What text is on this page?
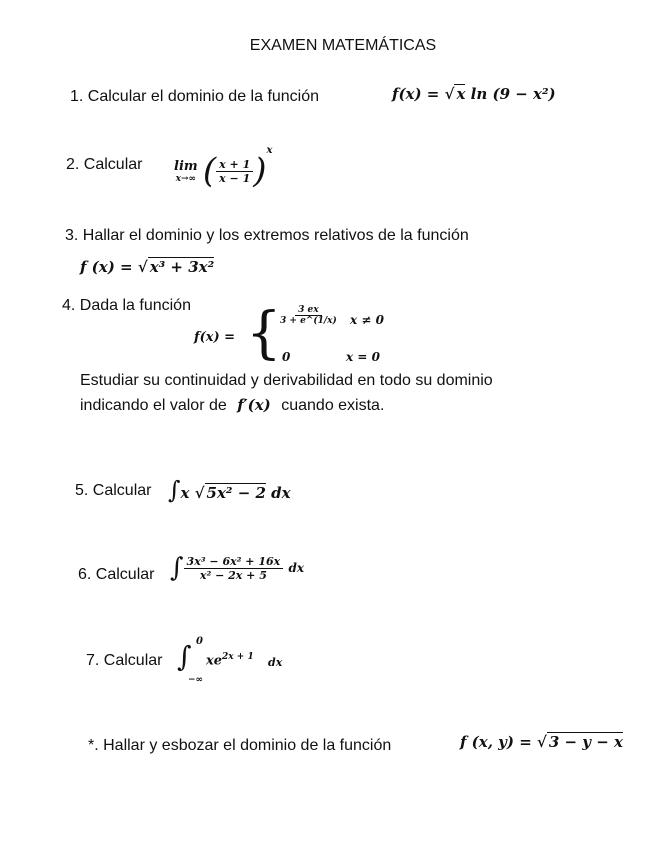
EXAMEN MATEMÁTICAS
1. Calcular el dominio de la función	f(x) = √ x ln (9 − x²)
2. Calcular lim
x→∞ ( $\frac{x + 1}{x - 1} )^x$
3. Hallar el dominio y los extremos relativos de la función
f (x) = √ x³ + 3x²
4. Dada la función
f(x) = {
$\frac{3 ex}{3 + e\^{}(1/x)}$ x ≠ 0
0	x = 0
Estudiar su continuidad y derivabilidad en todo su dominio
indicando el valor de f′(x) cuando exista.
5. Calcular ∫x √ 5x² − 2 dx
6. Calcular ∫ $\frac{\text{3x³ − 6x² + 16x}}{\text{x² − 2x + 5}}$ dx
7. Calcular ∫ 0
−∞
$xe^{2x + 1}$ dx
*. Hallar y esbozar el dominio de la función	f (x, y) = √ 3 − y − x
